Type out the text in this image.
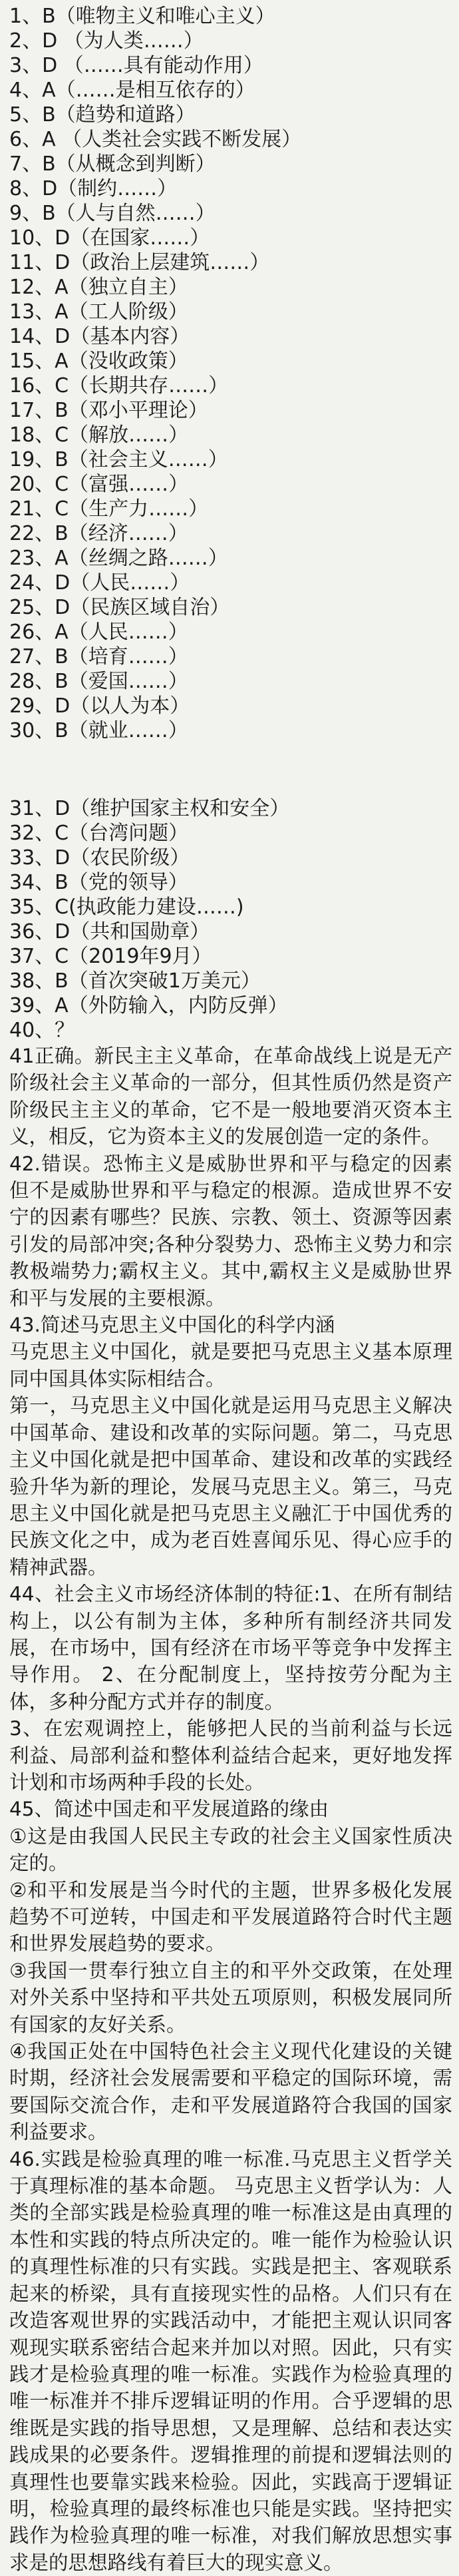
1、B（唯物主义和唯心主义）
2、D （为人类……）
3、D （……具有能动作用）
4、A（……是相互依存的）
5、B（趋势和道路）
6、A （人类社会实践不断发展）
7、B（从概念到判断）
8、D（制约……）
9、B（人与自然……）
10、D（在国家……）
11、D（政治上层建筑……）
12、A（独立自主）
13、A（工人阶级）
14、D（基本内容）
15、A（没收政策）
16、C（长期共存……）
17、B（邓小平理论）
18、C（解放……）
19、B（社会主义……）
20、C（富强……）
21、C（生产力……）
22、B（经济……）
23、A（丝绸之路……）
24、D（人民……）
25、D（民族区域自治）
26、A（人民……）
27、B（培育……）
28、B（爱国……）
29、D（以人为本）
30、B（就业……）
31、D（维护国家主权和安全）
32、C（台湾问题）
33、D（农民阶级）
34、B（党的领导）
35、C(执政能力建设……)
36、D（共和国勋章）
37、C（2019年9月）
38、B（首次突破1万美元）
39、A（外防输入，内防反弹）
40、？

41正确。新民主主义革命，在革命战线上说是无产阶级社会主义革命的一部分，但其性质仍然是资产阶级民主主义的革命，它不是一般地要消灭资本主义，相反，它为资本主义的发展创造一定的条件。

42.错误。恐怖主义是威胁世界和平与稳定的因素但不是威胁世界和平与稳定的根源。造成世界不安宁的因素有哪些？民族、宗教、领土、资源等因素引发的局部冲突;各种分裂势力、恐怖主义势力和宗教极端势力;霸权主义。其中,霸权主义是威胁世界和平与发展的主要根源。

43.简述马克思主义中国化的科学内涵

马克思主义中国化，就是要把马克思主义基本原理同中国具体实际相结合。

第一，马克思主义中国化就是运用马克思主义解决中国革命、建设和改革的实际问题。第二，马克思主义中国化就是把中国革命、建设和改革的实践经验升华为新的理论，发展马克思主义。第三，马克思主义中国化就是把马克思主义融汇于中国优秀的民族文化之中，成为老百姓喜闻乐见、得心应手的精神武器。

44、社会主义市场经济体制的特征:1、在所有制结构上，以公有制为主体，多种所有制经济共同发展，在市场中，国有经济在市场平等竞争中发挥主导作用。 2、在分配制度上，坚持按劳分配为主体，多种分配方式并存的制度。

3、在宏观调控上，能够把人民的当前利益与长远利益、局部利益和整体利益结合起来，更好地发挥计划和市场两种手段的长处。

45、简述中国走和平发展道路的缘由

①这是由我国人民民主专政的社会主义国家性质决定的。

②和平和发展是当今时代的主题，世界多极化发展趋势不可逆转，中国走和平发展道路符合时代主题和世界发展趋势的要求。

③我国一贯奉行独立自主的和平外交政策，在处理对外关系中坚持和平共处五项原则，积极发展同所有国家的友好关系。

④我国正处在中国特色社会主义现代化建设的关键时期，经济社会发展需要和平稳定的国际环境，需要国际交流合作，走和平发展道路符合我国的国家利益要求。

46.实践是检验真理的唯一标准.马克思主义哲学关于真理标准的基本命题。 马克思主义哲学认为：人类的全部实践是检验真理的唯一标准这是由真理的本性和实践的特点所决定的。唯一能作为检验认识的真理性标准的只有实践。实践是把主、客观联系起来的桥梁，具有直接现实性的品格。人们只有在改造客观世界的实践活动中，才能把主观认识同客观现实联系密结合起来并加以对照。因此，只有实践才是检验真理的唯一标准。实践作为检验真理的唯一标准并不排斥逻辑证明的作用。合乎逻辑的思维既是实践的指导思想，又是理解、总结和表达实践成果的必要条件。逻辑推理的前提和逻辑法则的真理性也要靠实践来检验。因此，实践高于逻辑证明，检验真理的最终标准也只能是实践。坚持把实践作为检验真理的唯一标准，对我们解放思想实事求是的思想路线有着巨大的现实意义。
